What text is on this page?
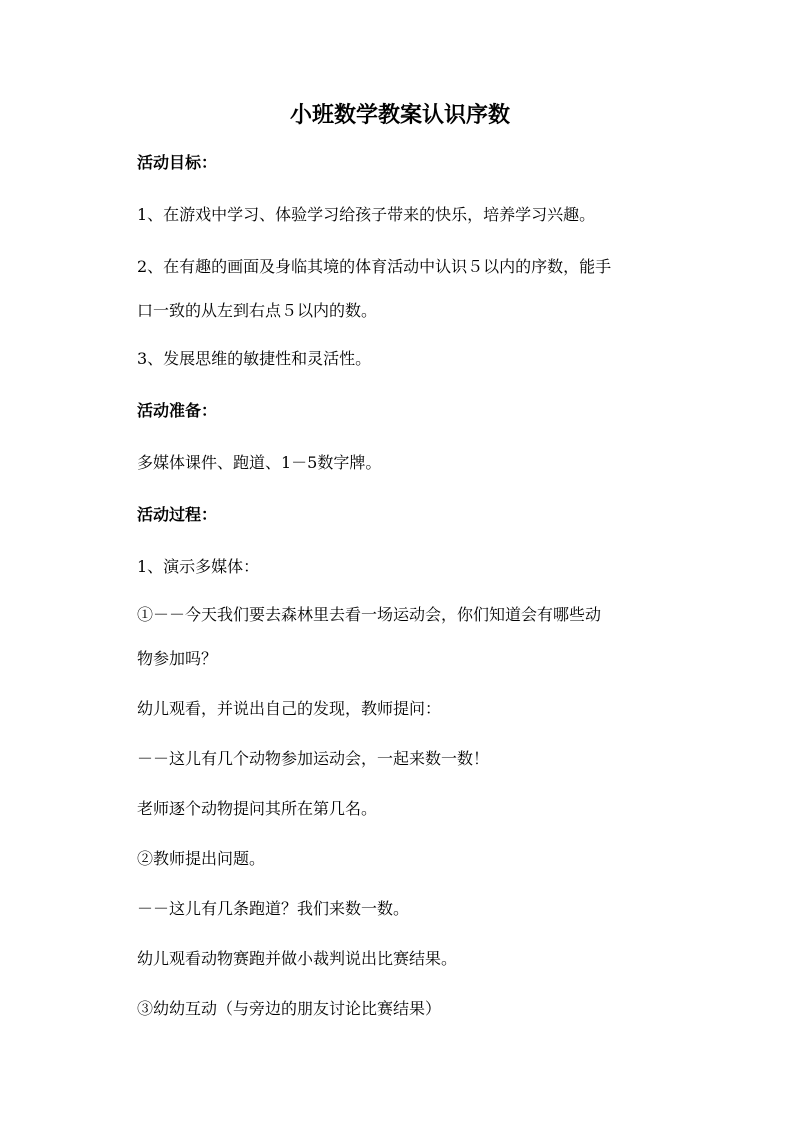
小班数学教案认识序数
活动目标：
1、在游戏中学习、体验学习给孩子带来的快乐，培养学习兴趣。
2、在有趣的画面及身临其境的体育活动中认识５以内的序数，能手
口一致的从左到右点５以内的数。
3、发展思维的敏捷性和灵活性。
活动准备：
多媒体课件、跑道、1－5数字牌。
活动过程：
1、演示多媒体：
①－－今天我们要去森林里去看一场运动会，你们知道会有哪些动
物参加吗？
幼儿观看，并说出自己的发现，教师提问：
－－这儿有几个动物参加运动会，一起来数一数！
老师逐个动物提问其所在第几名。
②教师提出问题。
－－这儿有几条跑道？我们来数一数。
幼儿观看动物赛跑并做小裁判说出比赛结果。
③幼幼互动（与旁边的朋友讨论比赛结果）
